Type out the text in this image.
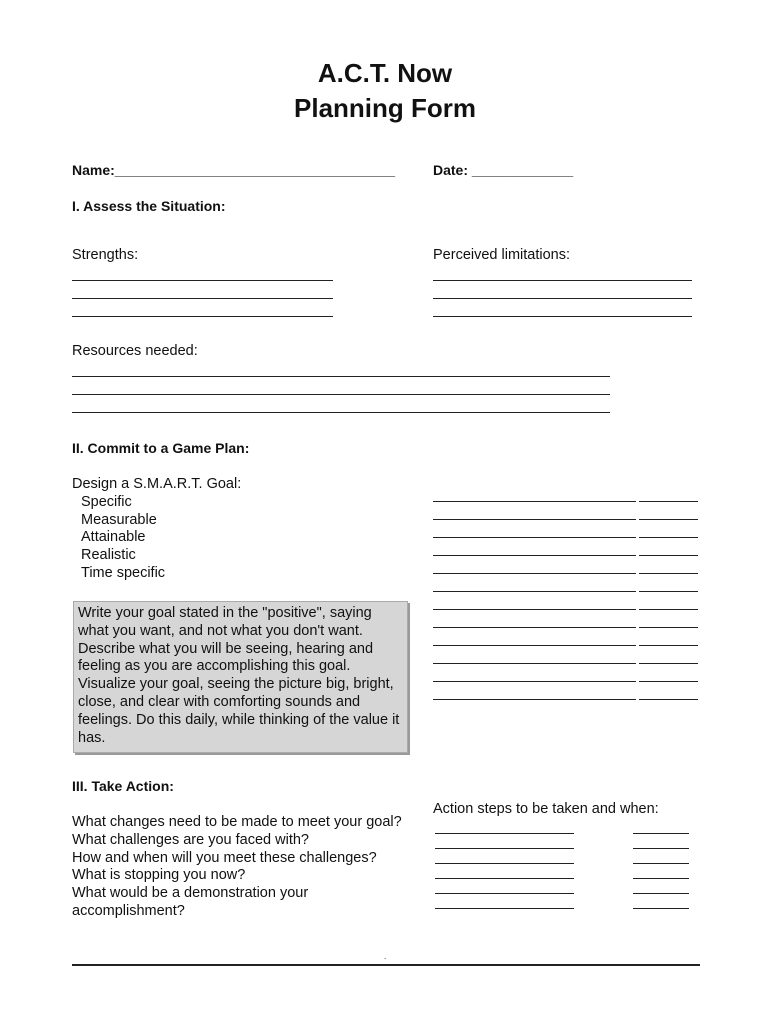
A.C.T. Now
Planning Form
Name:____________________________________	Date: _____________
I. Assess the Situation:
Strengths:	Perceived limitations:
Resources needed:
II. Commit to a Game Plan:
Design a S.M.A.R.T. Goal:
Specific
Measurable
Attainable
Realistic
Time specific
Write your goal stated in the "positive", saying what you want, and not what you don't want. Describe what you will be seeing, hearing and feeling as you are accomplishing this goal. Visualize your goal, seeing the picture big, bright, close, and clear with comforting sounds and feelings. Do this daily, while thinking of the value it has.
III. Take Action:
Action steps to be taken and when:
What changes need to be made to meet your goal?
What challenges are you faced with?
How and when will you meet these challenges?
What is stopping you now?
What would be a demonstration your accomplishment?
.
